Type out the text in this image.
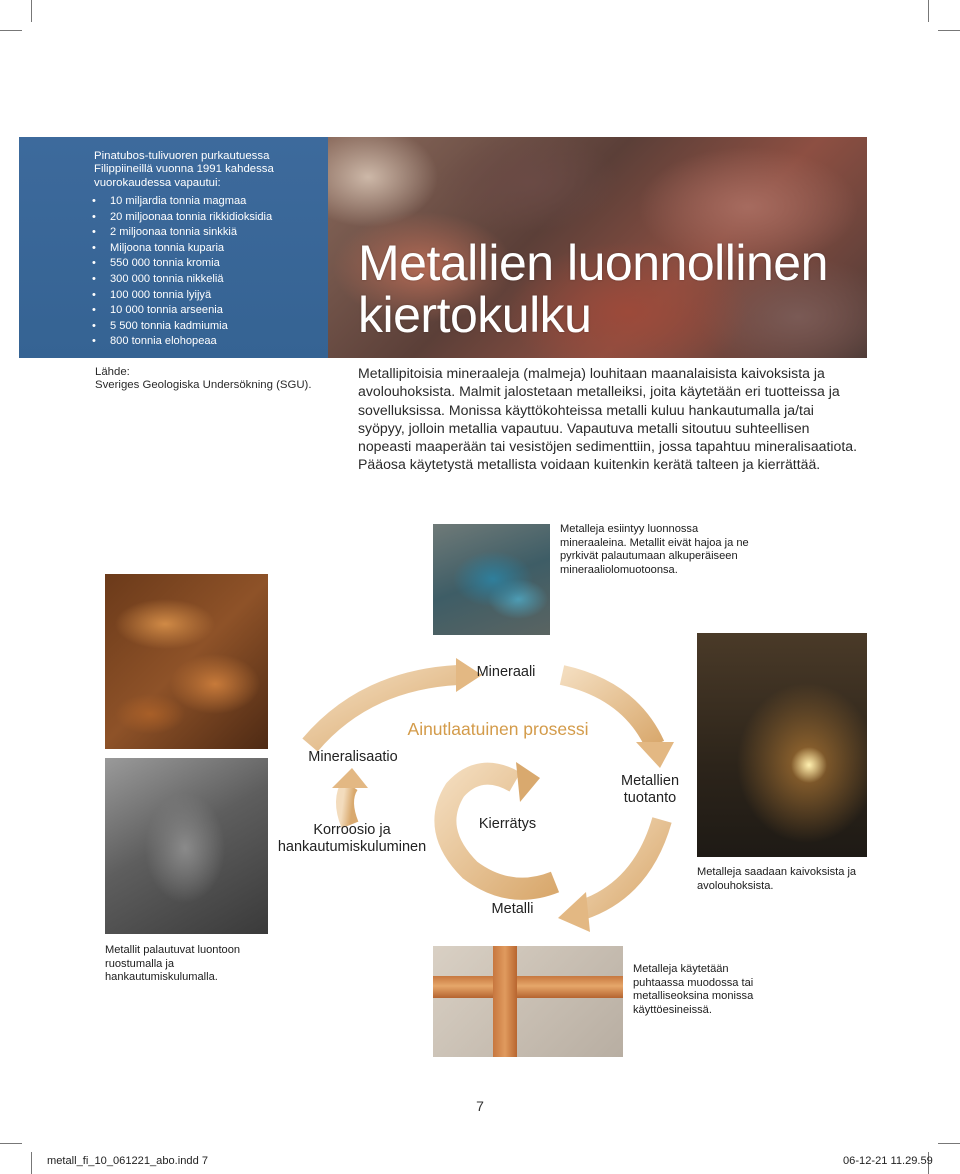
Pinatubos-tulivuoren purkautuessa Filippiineillä vuonna 1991 kahdessa vuorokaudessa vapautui:
• 10 miljardia tonnia magmaa
• 20 miljoonaa tonnia rikkidioksidia
• 2 miljoonaa tonnia sinkkiä
• Miljoona tonnia kuparia
• 550 000 tonnia kromia
• 300 000 tonnia nikkeliä
• 100 000 tonnia lyijyä
• 10 000 tonnia arseenia
• 5 500 tonnia kadmiumia
• 800 tonnia elohopeaa
Lähde:
Sveriges Geologiska Undersökning (SGU).
Metallien luonnollinen
kiertokulku
Metallipitoisia mineraaleja (malmeja) louhitaan maanalaisista kaivoksista ja avolouhoksista. Malmit jalostetaan metalleiksi, joita käytetään eri tuotteissa ja sovelluksissa. Monissa käyttökohteissa metalli kuluu hankautumalla ja/tai syöpyy, jolloin metallia vapautuu. Vapautuva metalli sitoutuu suhteellisen nopeasti maaperään tai vesistöjen sedimenttiin, jossa tapahtuu mineralisaatiota. Pääosa käytetystä metallista voidaan kuitenkin kerätä talteen ja kierrättää.
Metalleja esiintyy luonnossa mineraaleina. Metallit eivät hajoa ja ne pyrkivät palautumaan alkuperäiseen mineraaliolomuotoonsa.
Metalleja saadaan kaivoksista ja avolouhoksista.
Metallit palautuvat luontoon ruostumalla ja hankautumiskulumalla.
Metalleja käytetään puhtaassa muodossa tai metalliseoksina monissa käyttöesineissä.
Mineraali
Ainutlaatuinen prosessi
Mineralisaatio
Metallien
tuotanto
Kierrätys
Korroosio ja
hankautumiskuluminen
Metalli
7
metall_fi_10_061221_abo.indd 7	06-12-21 11.29.59
